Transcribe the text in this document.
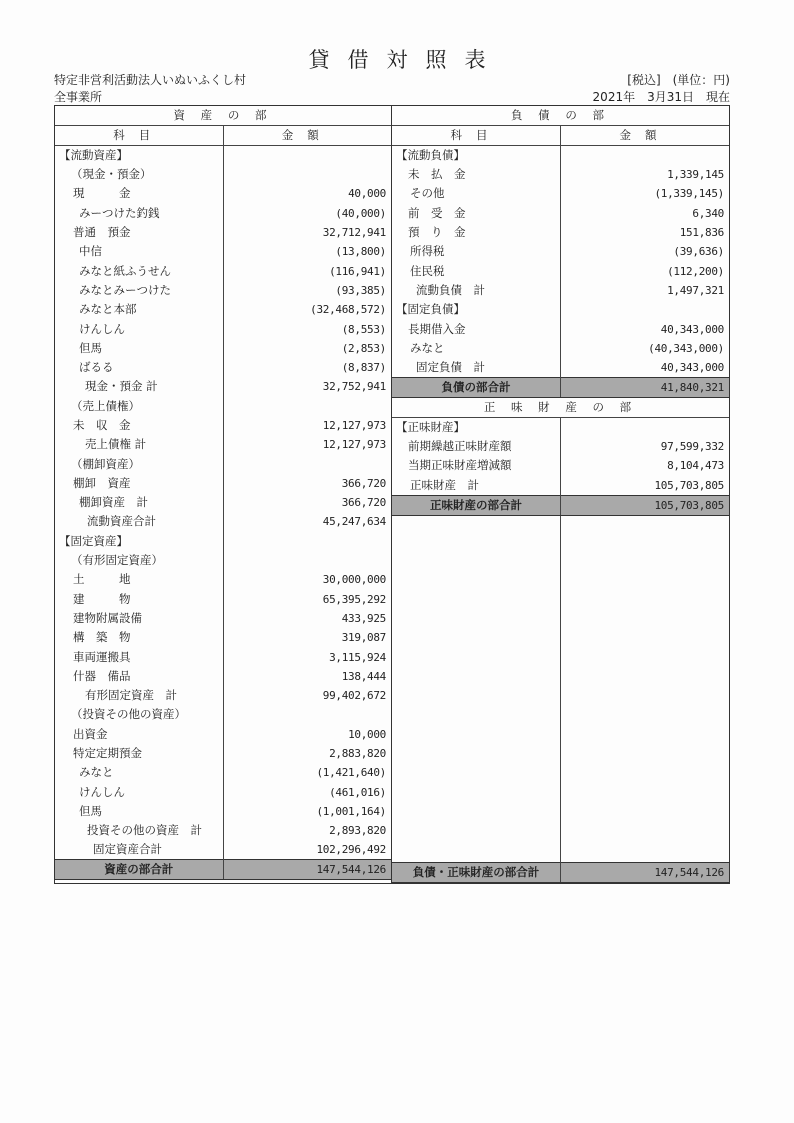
貸借対照表
特定非営利活動法人いぬいふくし村
全事業所
[税込]　(単位：円)
2021年　3月31日　現在
資 産 の 部	
科目	金額
【流動資産】	
（現金・預金）	
現　　　金	40,000
みーつけた釣銭	(40,000)
普通　預金	32,712,941
中信	(13,800)
みなと紙ふうせん	(116,941)
みなとみーつけた	(93,385)
みなと本部	(32,468,572)
けんしん	(8,553)
但馬	(2,853)
ばるる	(8,837)
現金・預金 計	32,752,941
（売上債権）	
未　収　金	12,127,973
売上債権 計	12,127,973
（棚卸資産）	
棚卸　資産	366,720
棚卸資産　計	366,720
流動資産合計	45,247,634
【固定資産】	
（有形固定資産）	
土　　　地	30,000,000
建　　　物	65,395,292
建物附属設備	433,925
構　築　物	319,087
車両運搬具	3,115,924
什器　備品	138,444
有形固定資産　計	99,402,672
（投資その他の資産）	
出資金	10,000
特定定期預金	2,883,820
みなと	(1,421,640)
けんしん	(461,016)
但馬	(1,001,164)
投資その他の資産　計	2,893,820
固定資産合計	102,296,492
資産の部合計	147,544,126
負 債 の 部	
科目	金額
【流動負債】	
未　払　金	1,339,145
その他	(1,339,145)
前　受　金	6,340
預　り　金	151,836
所得税	(39,636)
住民税	(112,200)
流動負債　計	1,497,321
【固定負債】	
長期借入金	40,343,000
みなと	(40,343,000)
固定負債　計	40,343,000
負債の部合計	41,840,321
正 味 財 産 の 部	
【正味財産】	
前期繰越正味財産額	97,599,332
当期正味財産増減額	8,104,473
正味財産　計	105,703,805
正味財産の部合計	105,703,805

負債・正味財産の部合計	147,544,126
